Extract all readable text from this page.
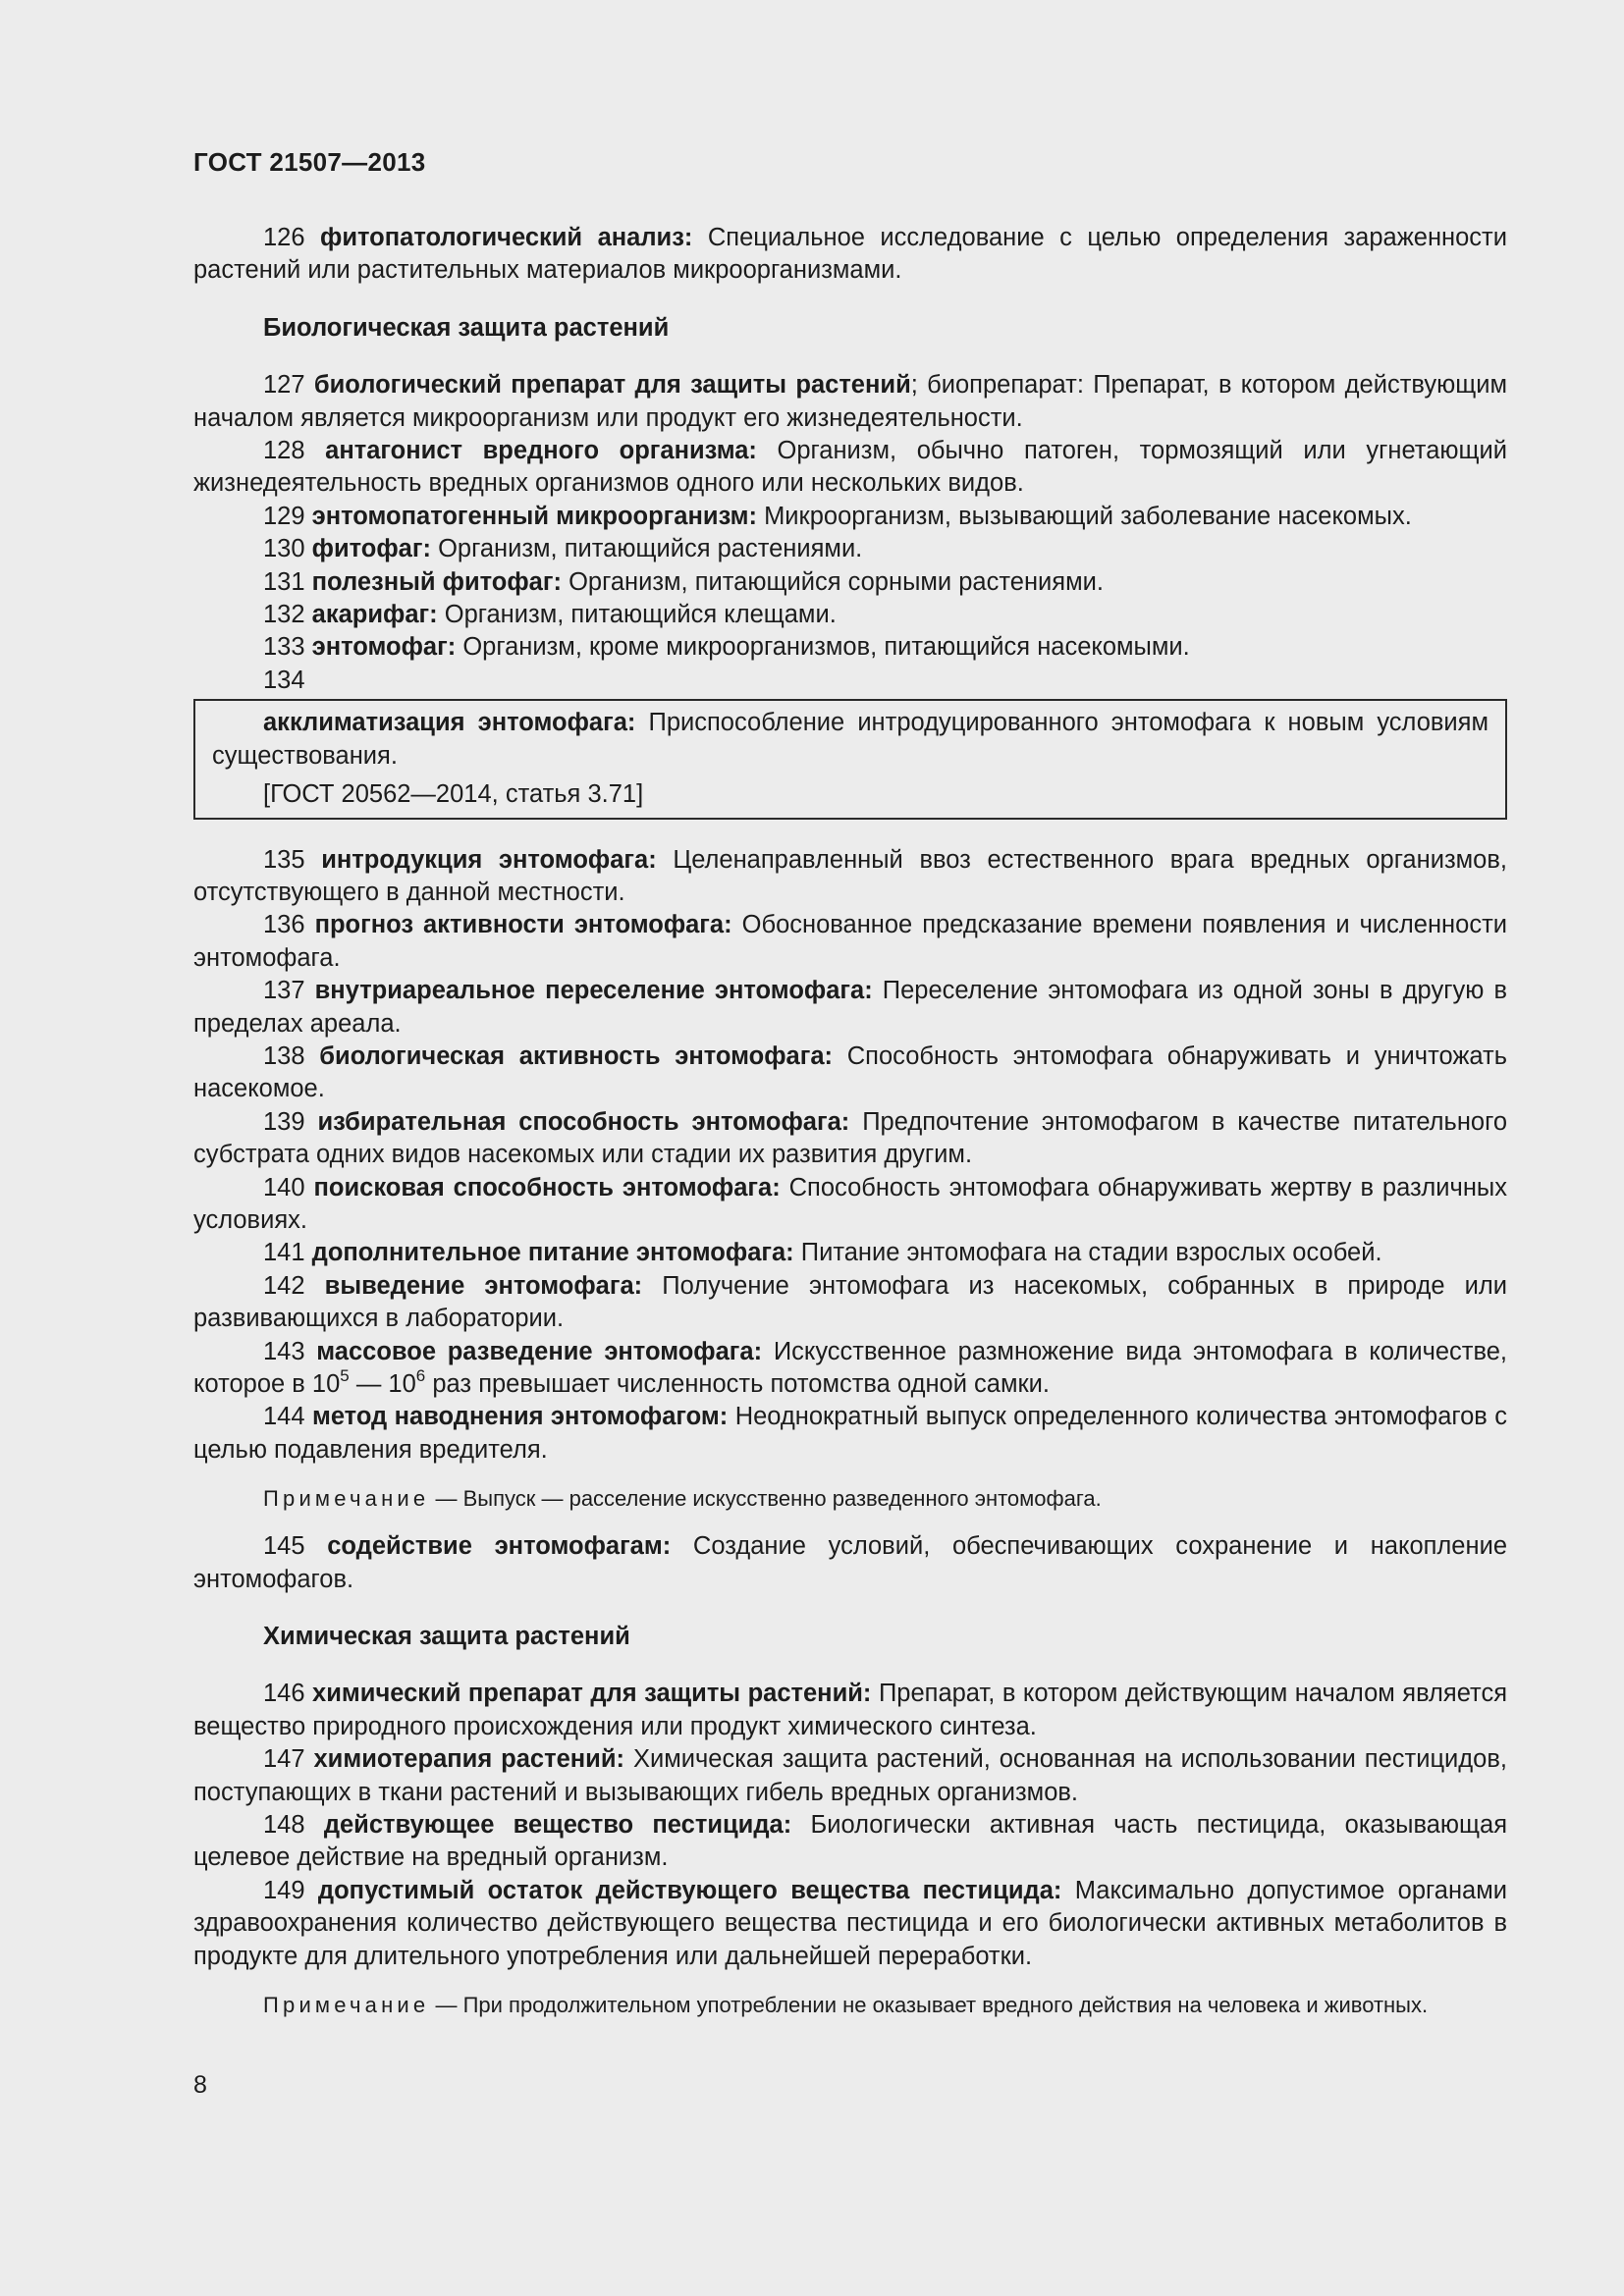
ГОСТ 21507—2013

126 фитопатологический анализ: Специальное исследование с целью определения зараженности растений или растительных материалов микроорганизмами.

Биологическая защита растений

127 биологический препарат для защиты растений; биопрепарат: Препарат, в котором действующим началом является микроорганизм или продукт его жизнедеятельности.

128 антагонист вредного организма: Организм, обычно патоген, тормозящий или угнетающий жизнедеятельность вредных организмов одного или нескольких видов.

129 энтомопатогенный микроорганизм: Микроорганизм, вызывающий заболевание насекомых.

130 фитофаг: Организм, питающийся растениями.

131 полезный фитофаг: Организм, питающийся сорными растениями.

132 акарифаг: Организм, питающийся клещами.

133 энтомофаг: Организм, кроме микроорганизмов, питающийся насекомыми.

134

акклиматизация энтомофага: Приспособление интродуцированного энтомофага к новым условиям существования.

[ГОСТ 20562—2014, статья 3.71]

135 интродукция энтомофага: Целенаправленный ввоз естественного врага вредных организмов, отсутствующего в данной местности.

136 прогноз активности энтомофага: Обоснованное предсказание времени появления и численности энтомофага.

137 внутриареальное переселение энтомофага: Переселение энтомофага из одной зоны в другую в пределах ареала.

138 биологическая активность энтомофага: Способность энтомофага обнаруживать и уничтожать насекомое.

139 избирательная способность энтомофага: Предпочтение энтомофагом в качестве питательного субстрата одних видов насекомых или стадии их развития другим.

140 поисковая способность энтомофага: Способность энтомофага обнаруживать жертву в различных условиях.

141 дополнительное питание энтомофага: Питание энтомофага на стадии взрослых особей.

142 выведение энтомофага: Получение энтомофага из насекомых, собранных в природе или развивающихся в лаборатории.

143 массовое разведение энтомофага: Искусственное размножение вида энтомофага в количестве, которое в $10^5$ — $10^6$ раз превышает численность потомства одной самки.

144 метод наводнения энтомофагом: Неоднократный выпуск определенного количества энтомофагов с целью подавления вредителя.

Примечание — Выпуск — расселение искусственно разведенного энтомофага.

145 содействие энтомофагам: Создание условий, обеспечивающих сохранение и накопление энтомофагов.

Химическая защита растений

146 химический препарат для защиты растений: Препарат, в котором действующим началом является вещество природного происхождения или продукт химического синтеза.

147 химиотерапия растений: Химическая защита растений, основанная на использовании пестицидов, поступающих в ткани растений и вызывающих гибель вредных организмов.

148 действующее вещество пестицида: Биологически активная часть пестицида, оказывающая целевое действие на вредный организм.

149 допустимый остаток действующего вещества пестицида: Максимально допустимое органами здравоохранения количество действующего вещества пестицида и его биологически активных метаболитов в продукте для длительного употребления или дальнейшей переработки.

Примечание — При продолжительном употреблении не оказывает вредного действия на человека и животных.

8
